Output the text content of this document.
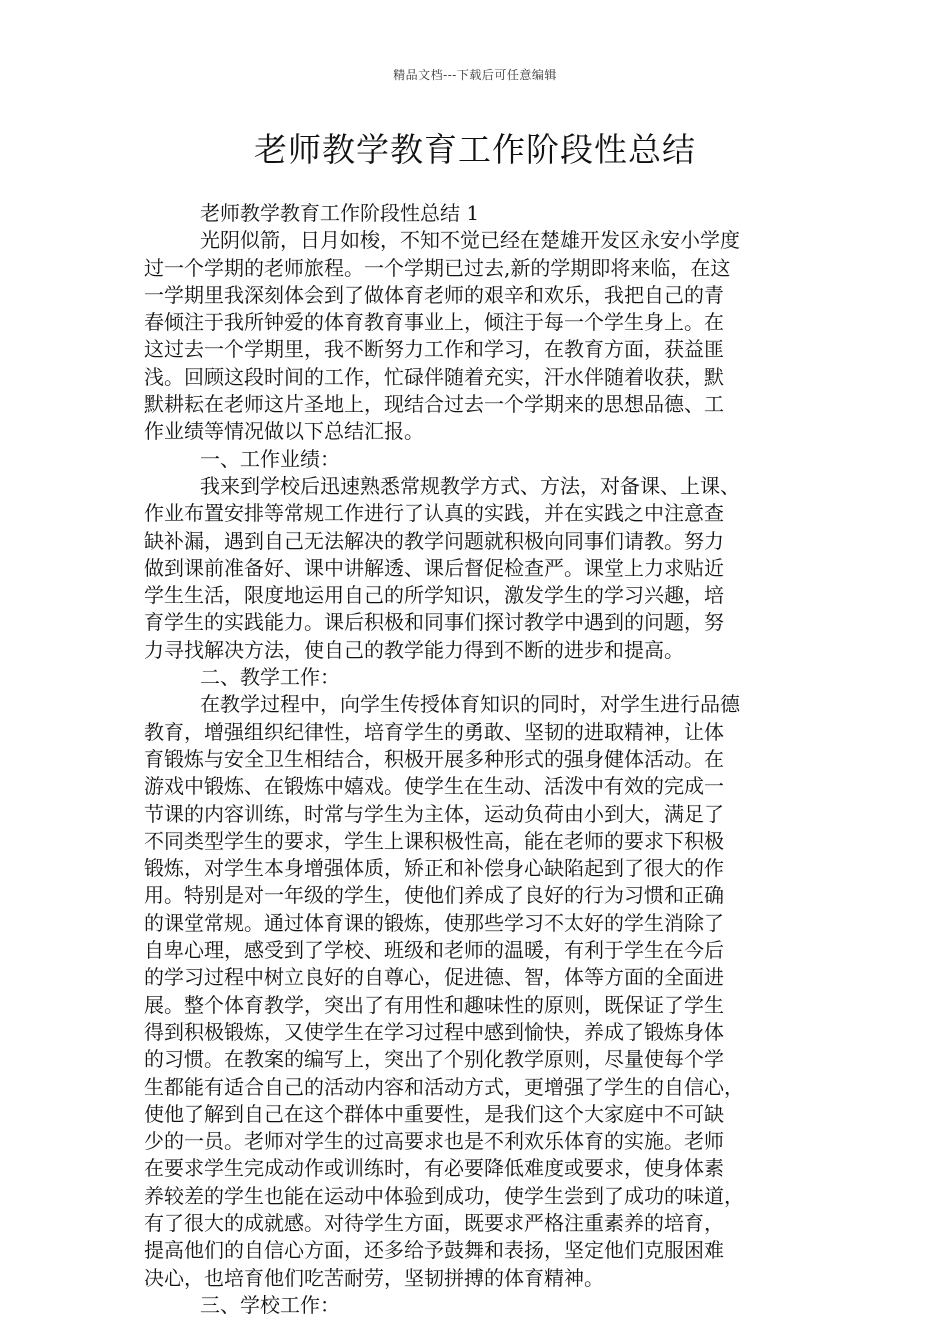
精品文档---下载后可任意编辑
老师教学教育工作阶段性总结
老师教学教育工作阶段性总结 1
光阴似箭，日月如梭，不知不觉已经在楚雄开发区永安小学度
过一个学期的老师旅程。一个学期已过去,新的学期即将来临，在这
一学期里我深刻体会到了做体育老师的艰辛和欢乐，我把自己的青
春倾注于我所钟爱的体育教育事业上，倾注于每一个学生身上。在
这过去一个学期里，我不断努力工作和学习，在教育方面，获益匪
浅。回顾这段时间的工作，忙碌伴随着充实，汗水伴随着收获，默
默耕耘在老师这片圣地上，现结合过去一个学期来的思想品德、工
作业绩等情况做以下总结汇报。
一、工作业绩：
我来到学校后迅速熟悉常规教学方式、方法，对备课、上课、
作业布置安排等常规工作进行了认真的实践，并在实践之中注意查
缺补漏，遇到自己无法解决的教学问题就积极向同事们请教。努力
做到课前准备好、课中讲解透、课后督促检查严。课堂上力求贴近
学生生活，限度地运用自己的所学知识，激发学生的学习兴趣，培
育学生的实践能力。课后积极和同事们探讨教学中遇到的问题，努
力寻找解决方法，使自己的教学能力得到不断的进步和提高。
二、教学工作：
在教学过程中，向学生传授体育知识的同时，对学生进行品德
教育，增强组织纪律性，培育学生的勇敢、坚韧的进取精神，让体
育锻炼与安全卫生相结合，积极开展多种形式的强身健体活动。在
游戏中锻炼、在锻炼中嬉戏。使学生在生动、活泼中有效的完成一
节课的内容训练，时常与学生为主体，运动负荷由小到大，满足了
不同类型学生的要求，学生上课积极性高，能在老师的要求下积极
锻炼，对学生本身增强体质，矫正和补偿身心缺陷起到了很大的作
用。特别是对一年级的学生，使他们养成了良好的行为习惯和正确
的课堂常规。通过体育课的锻炼，使那些学习不太好的学生消除了
自卑心理，感受到了学校、班级和老师的温暖，有利于学生在今后
的学习过程中树立良好的自尊心，促进德、智，体等方面的全面进
展。整个体育教学，突出了有用性和趣味性的原则，既保证了学生
得到积极锻炼，又使学生在学习过程中感到愉快，养成了锻炼身体
的习惯。在教案的编写上，突出了个别化教学原则，尽量使每个学
生都能有适合自己的活动内容和活动方式，更增强了学生的自信心，
使他了解到自己在这个群体中重要性，是我们这个大家庭中不可缺
少的一员。老师对学生的过高要求也是不利欢乐体育的实施。老师
在要求学生完成动作或训练时，有必要降低难度或要求，使身体素
养较差的学生也能在运动中体验到成功，使学生尝到了成功的味道，
有了很大的成就感。对待学生方面，既要求严格注重素养的培育，
提高他们的自信心方面，还多给予鼓舞和表扬，坚定他们克服困难
决心，也培育他们吃苦耐劳，坚韧拼搏的体育精神。
三、学校工作：
